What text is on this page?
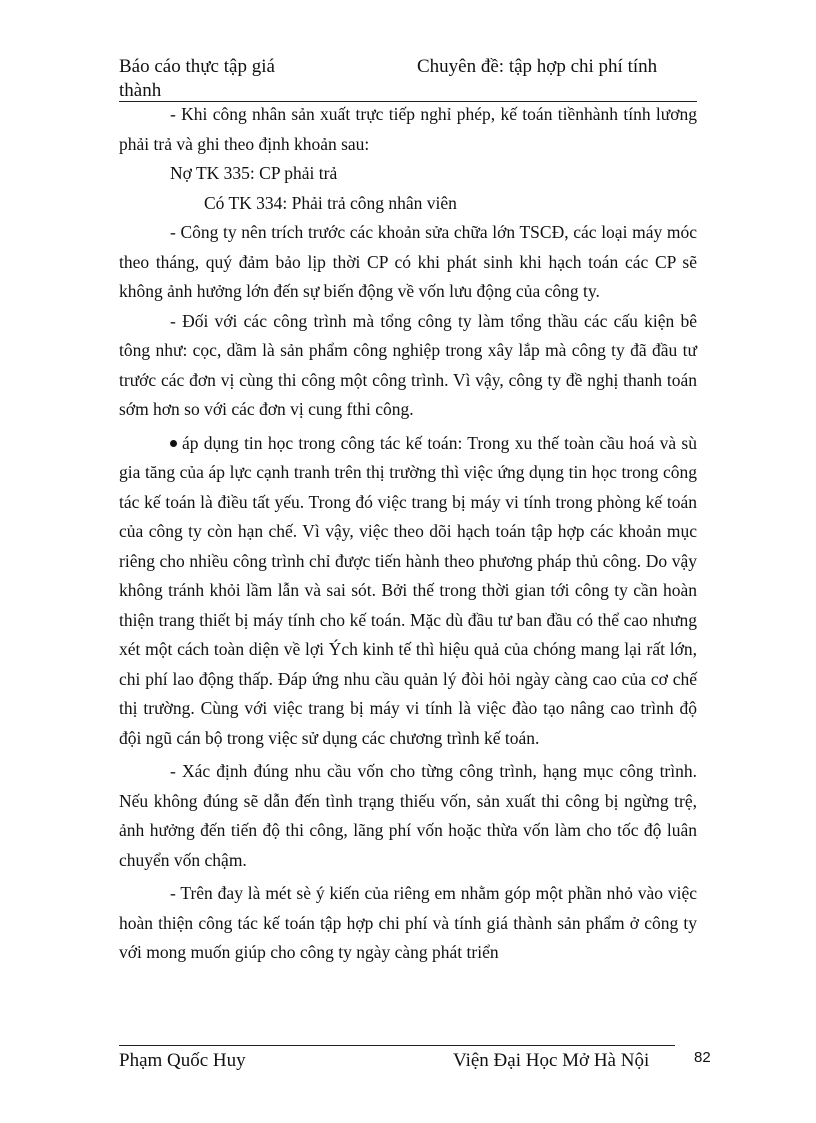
Báo cáo thực tập giá thành
Chuyên đề: tập hợp chi phí tính

- Khi công nhân sản xuất trực tiếp nghỉ phép, kế toán tiềnhành tính lương phải trả và ghi theo định khoản sau:

Nợ TK 335: CP phải trả

Có TK 334: Phải trả công nhân viên

- Công ty nên trích trước các khoản sửa chữa lớn TSCĐ, các loại máy móc theo tháng, quý đảm bảo lịp thời CP có khi phát sinh khi hạch toán các CP sẽ không ảnh hưởng lớn đến sự biến động về vốn lưu động của công ty.

- Đối với các công trình mà tổng công ty làm tổng thầu các cấu kiện bê tông như: cọc, dầm là sản phẩm công nghiệp trong xây lắp mà công ty đã đầu tư trước các đơn vị cùng thi công một công trình. Vì vậy, công ty đề nghị thanh toán sớm hơn so với các đơn vị cung fthi công.

áp dụng tin học trong công tác kế toán: Trong xu thế toàn cầu hoá và sù gia tăng của áp lực cạnh tranh trên thị trường thì việc ứng dụng tin học trong công tác kế toán là điều tất yếu. Trong đó việc trang bị máy vi tính trong phòng kế toán của công ty còn hạn chế. Vì vậy, việc theo dõi hạch toán tập hợp các khoản mục riêng cho nhiều công trình chỉ được tiến hành theo phương pháp thủ công. Do vậy không tránh khỏi lầm lẫn và sai sót. Bởi thế trong thời gian tới công ty cần hoàn thiện trang thiết bị máy tính cho kế toán. Mặc dù đầu tư ban đầu có thể cao nhưng xét một cách toàn diện về lợi Ých kinh tế thì hiệu quả của chóng mang lại rất lớn, chi phí lao động thấp. Đáp ứng nhu cầu quản lý đòi hỏi ngày càng cao của cơ chế thị trường. Cùng với việc trang bị máy vi tính là việc đào tạo nâng cao trình độ đội ngũ cán bộ trong việc sử dụng các chương trình kế toán.

- Xác định đúng nhu cầu vốn cho từng công trình, hạng mục công trình. Nếu không đúng sẽ dẫn đến tình trạng thiếu vốn, sản xuất thi công bị ngừng trệ, ảnh hưởng đến tiến độ thi công, lãng phí vốn hoặc thừa vốn làm cho tốc độ luân chuyển vốn chậm.

- Trên đay là mét sè ý kiến của riêng em nhằm góp một phần nhỏ vào việc hoàn thiện công tác kế toán tập hợp chi phí và tính giá thành sản phẩm ở công ty với mong muốn giúp cho công ty ngày càng phát triển

Phạm Quốc Huy	Viện Đại Học Mở Hà Nội	82
